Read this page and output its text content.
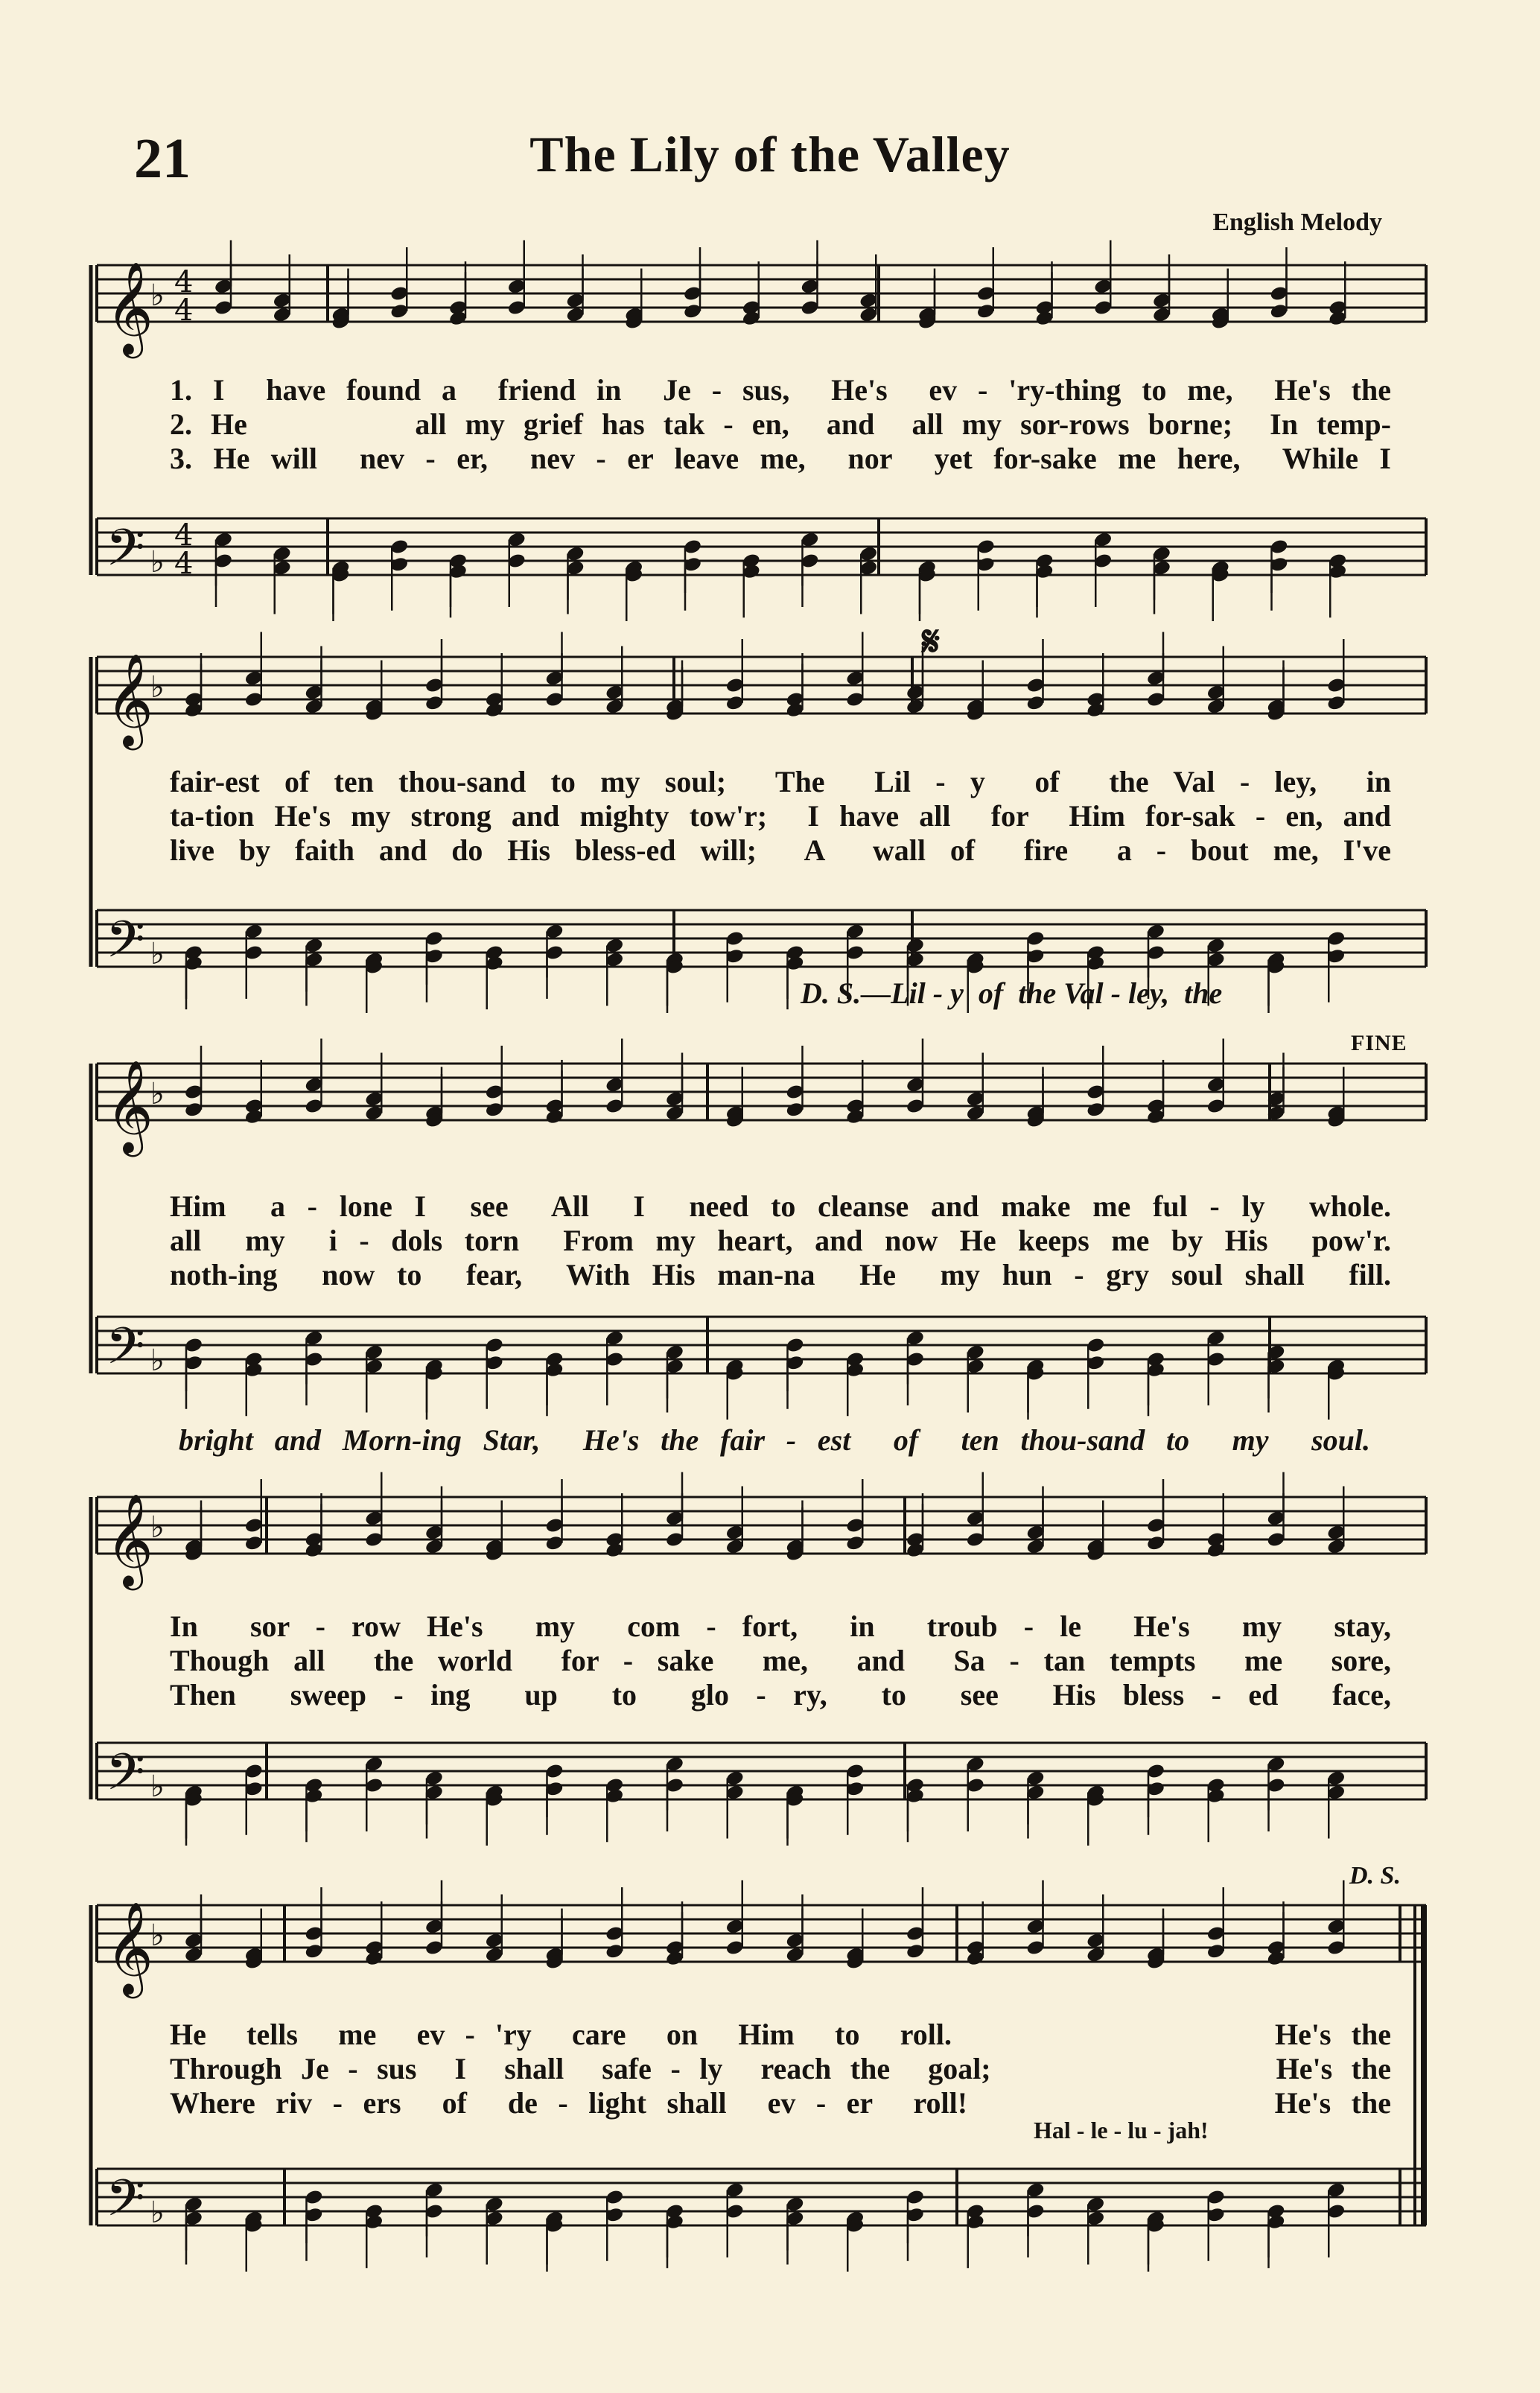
21	The Lily of the Valley
English Melody
𝄞
♭ 4
4
𝄢 ♭
4
4
𝄞
♭
𝄢 ♭
𝄞
♭
𝄢 ♭
𝄞
♭
𝄢 ♭
𝄞
♭
𝄢 ♭
1. I  have found a  friend in  Je - sus,  He's  ev - 'ry-thing to me,  He's the
2. He         all my grief has tak - en,  and  all my sor-rows borne;  In temp-
3. He will  nev - er,  nev - er leave me,  nor  yet for-sake me here,  While I
fair-est of ten thou-sand to my soul;  The  Lil - y  of  the Val - ley,  in
ta-tion He's my strong and mighty tow'r;  I have all  for  Him for-sak - en, and
live by faith and do His bless-ed will;  A  wall of  fire  a - bout me, I've
D. S.—Lil - y  of  the Val - ley,  the
𝄋
Him  a - lone I  see  All  I  need to cleanse and make me ful - ly  whole.
all  my  i - dols torn  From my heart, and now He keeps me by His  pow'r.
noth-ing  now to  fear,  With His man-na  He  my hun - gry soul shall  fill.
bright and Morn-ing Star,  He's the fair - est  of  ten thou-sand to  my  soul.
FINE
In  sor - row He's  my  com - fort,  in  troub - le  He's  my  stay,
Though all  the world  for - sake  me,  and  Sa - tan tempts  me  sore,
Then  sweep - ing  up  to  glo - ry,  to  see  His bless - ed  face,
He  tells  me  ev - 'ry  care  on  Him  to  roll.                He's the
Through Je - sus  I  shall  safe - ly  reach the  goal;               He's the
Where riv - ers  of  de - light shall  ev - er  roll!               He's the
Hal - le - lu - jah!
D. S.
